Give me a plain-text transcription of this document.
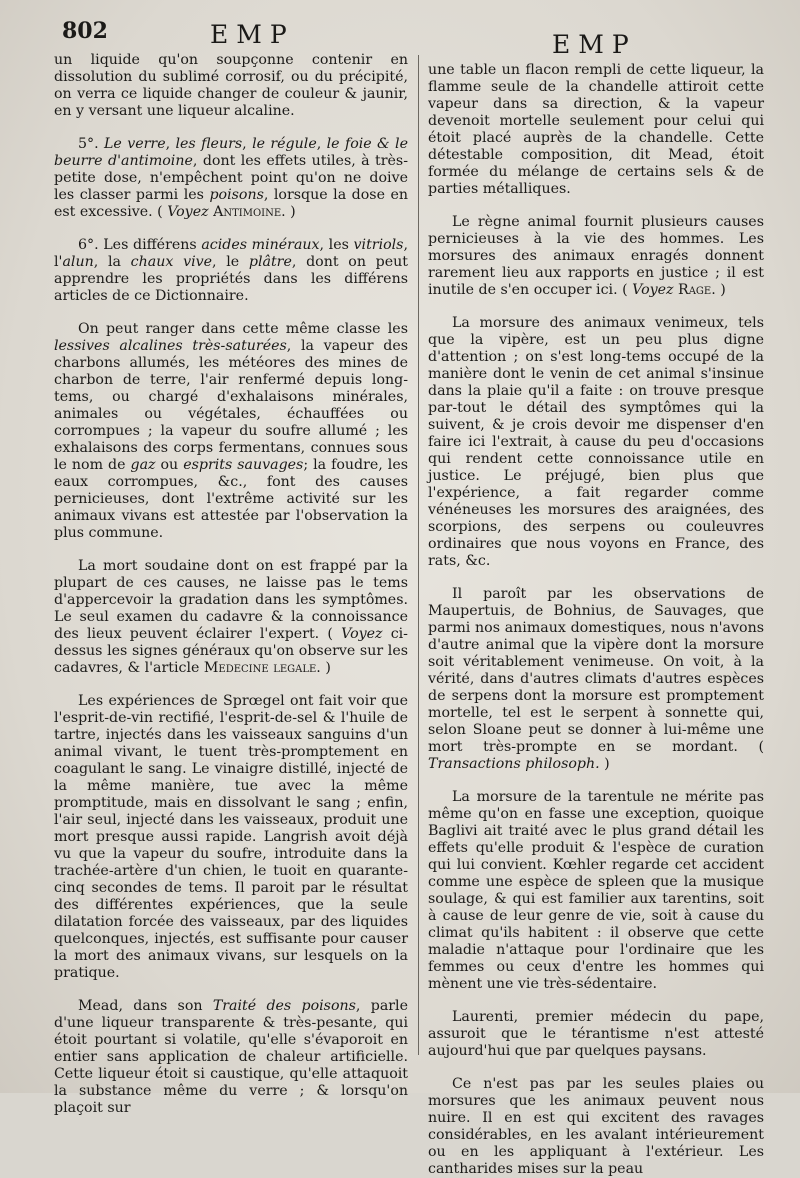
802	EMP	EMP

un liquide qu'on soupçonne contenir en dissolution du sublimé corrosif, ou du précipité, on verra ce liquide changer de couleur & jaunir, en y versant une liqueur alcaline.

5°. Le verre, les fleurs, le régule, le foie & le beurre d'antimoine, dont les effets utiles, à très-petite dose, n'empêchent point qu'on ne doive les classer parmi les poisons, lorsque la dose en est excessive. ( Voyez Antimoine. )

6°. Les différens acides minéraux, les vitriols, l'alun, la chaux vive, le plâtre, dont on peut apprendre les propriétés dans les différens articles de ce Dictionnaire.

On peut ranger dans cette même classe les lessives alcalines très-saturées, la vapeur des charbons allumés, les météores des mines de charbon de terre, l'air renfermé depuis long-tems, ou chargé d'exhalaisons minérales, animales ou végétales, échauffées ou corrompues ; la vapeur du soufre allumé ; les exhalaisons des corps fermentans, connues sous le nom de gaz ou esprits sauvages; la foudre, les eaux corrompues, &c., font des causes pernicieuses, dont l'extrême activité sur les animaux vivans est attestée par l'observation la plus commune.

La mort soudaine dont on est frappé par la plupart de ces causes, ne laisse pas le tems d'appercevoir la gradation dans les symptômes. Le seul examen du cadavre & la connoissance des lieux peuvent éclairer l'expert. ( Voyez ci-dessus les signes généraux qu'on observe sur les cadavres, & l'article Medecine legale. )

Les expériences de Sprœgel ont fait voir que l'esprit-de-vin rectifié, l'esprit-de-sel & l'huile de tartre, injectés dans les vaisseaux sanguins d'un animal vivant, le tuent très-promptement en coagulant le sang. Le vinaigre distillé, injecté de la même manière, tue avec la même promptitude, mais en dissolvant le sang ; enfin, l'air seul, injecté dans les vaisseaux, produit une mort presque aussi rapide. Langrish avoit déjà vu que la vapeur du soufre, introduite dans la trachée-artère d'un chien, le tuoit en quarante-cinq secondes de tems. Il paroit par le résultat des différentes expériences, que la seule dilatation forcée des vaisseaux, par des liquides quelconques, injectés, est suffisante pour causer la mort des animaux vivans, sur lesquels on la pratique.

Mead, dans son Traité des poisons, parle d'une liqueur transparente & très-pesante, qui étoit pourtant si volatile, qu'elle s'évaporoit en entier sans application de chaleur artificielle. Cette liqueur étoit si caustique, qu'elle attaquoit la substance même du verre ; & lorsqu'on plaçoit sur

une table un flacon rempli de cette liqueur, la flamme seule de la chandelle attiroit cette vapeur dans sa direction, & la vapeur devenoit mortelle seulement pour celui qui étoit placé auprès de la chandelle. Cette détestable composition, dit Mead, étoit formée du mélange de certains sels & de parties métalliques.

Le règne animal fournit plusieurs causes pernicieuses à la vie des hommes. Les morsures des animaux enragés donnent rarement lieu aux rapports en justice ; il est inutile de s'en occuper ici. ( Voyez Rage. )

La morsure des animaux venimeux, tels que la vipère, est un peu plus digne d'attention ; on s'est long-tems occupé de la manière dont le venin de cet animal s'insinue dans la plaie qu'il a faite : on trouve presque par-tout le détail des symptômes qui la suivent, & je crois devoir me dispenser d'en faire ici l'extrait, à cause du peu d'occasions qui rendent cette connoissance utile en justice. Le préjugé, bien plus que l'expérience, a fait regarder comme vénéneuses les morsures des araignées, des scorpions, des serpens ou couleuvres ordinaires que nous voyons en France, des rats, &c.

Il paroît par les observations de Maupertuis, de Bohnius, de Sauvages, que parmi nos animaux domestiques, nous n'avons d'autre animal que la vipère dont la morsure soit véritablement venimeuse. On voit, à la vérité, dans d'autres climats d'autres espèces de serpens dont la morsure est promptement mortelle, tel est le serpent à sonnette qui, selon Sloane peut se donner à lui-même une mort très-prompte en se mordant. ( Transactions philosoph. )

La morsure de la tarentule ne mérite pas même qu'on en fasse une exception, quoique Baglivi ait traité avec le plus grand détail les effets qu'elle produit & l'espèce de curation qui lui convient. Kœhler regarde cet accident comme une espèce de spleen que la musique soulage, & qui est familier aux tarentins, soit à cause de leur genre de vie, soit à cause du climat qu'ils habitent : il observe que cette maladie n'attaque pour l'ordinaire que les femmes ou ceux d'entre les hommes qui mènent une vie très-sédentaire.

Laurenti, premier médecin du pape, assuroit que le térantisme n'est attesté aujourd'hui que par quelques paysans.

Ce n'est pas par les seules plaies ou morsures que les animaux peuvent nous nuire. Il en est qui excitent des ravages considérables, en les avalant intérieurement ou en les appliquant à l'extérieur. Les cantharides mises sur la peau
